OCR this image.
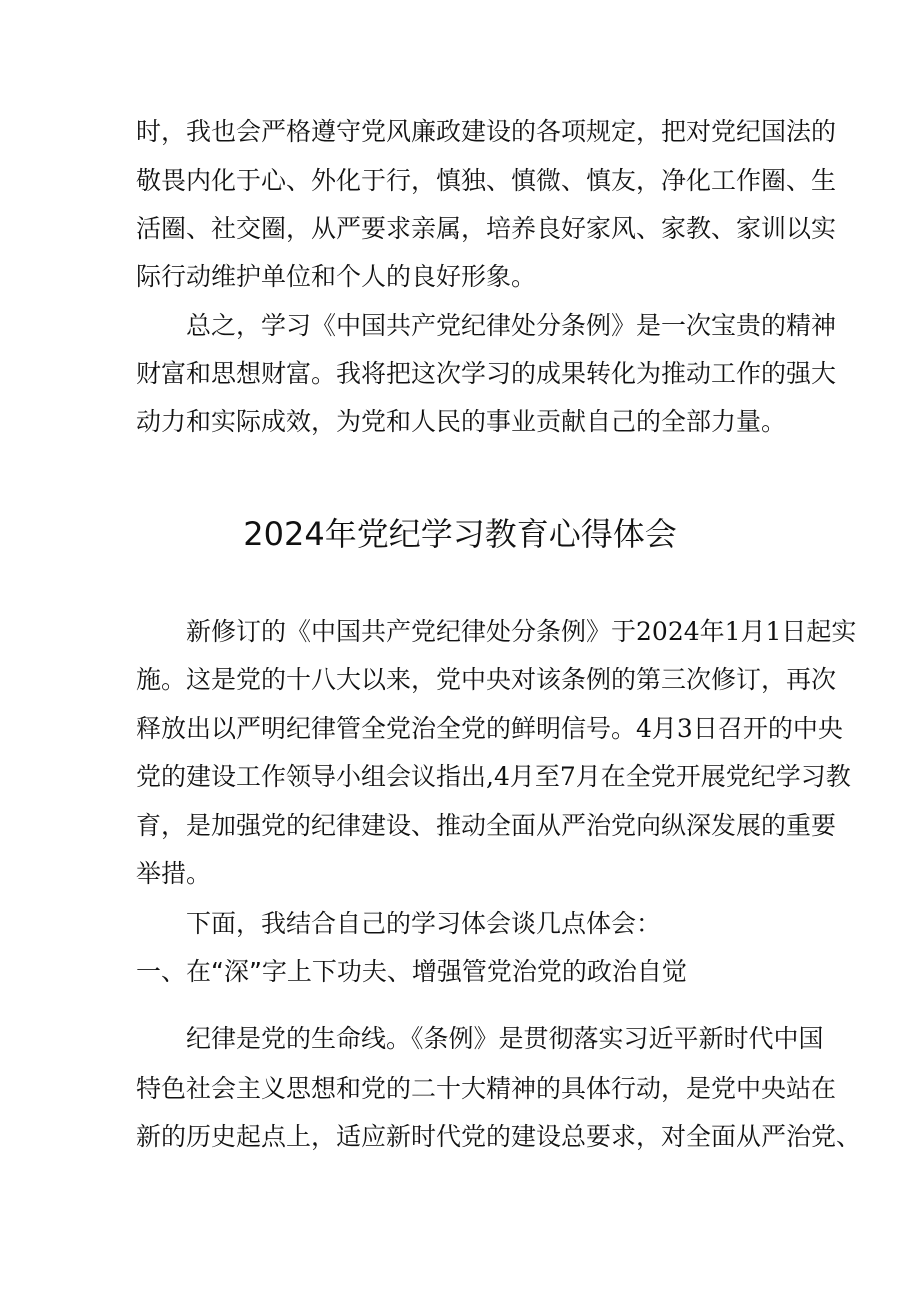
时，我也会严格遵守党风廉政建设的各项规定，把对党纪国法的
敬畏内化于心、外化于行，慎独、慎微、慎友，净化工作圈、生
活圈、社交圈，从严要求亲属，培养良好家风、家教、家训以实
际行动维护单位和个人的良好形象。
总之，学习《中国共产党纪律处分条例》是一次宝贵的精神
财富和思想财富。我将把这次学习的成果转化为推动工作的强大
动力和实际成效，为党和人民的事业贡献自己的全部力量。
2024年党纪学习教育心得体会
新修订的《中国共产党纪律处分条例》于2024年1月1日起实
施。这是党的十八大以来，党中央对该条例的第三次修订，再次
释放出以严明纪律管全党治全党的鲜明信号。4月3日召开的中央
党的建设工作领导小组会议指出,4月至7月在全党开展党纪学习教
育，是加强党的纪律建设、推动全面从严治党向纵深发展的重要
举措。
下面，我结合自己的学习体会谈几点体会：
一、在“深”字上下功夫、增强管党治党的政治自觉
纪律是党的生命线。《条例》是贯彻落实习近平新时代中国
特色社会主义思想和党的二十大精神的具体行动，是党中央站在
新的历史起点上，适应新时代党的建设总要求，对全面从严治党、
